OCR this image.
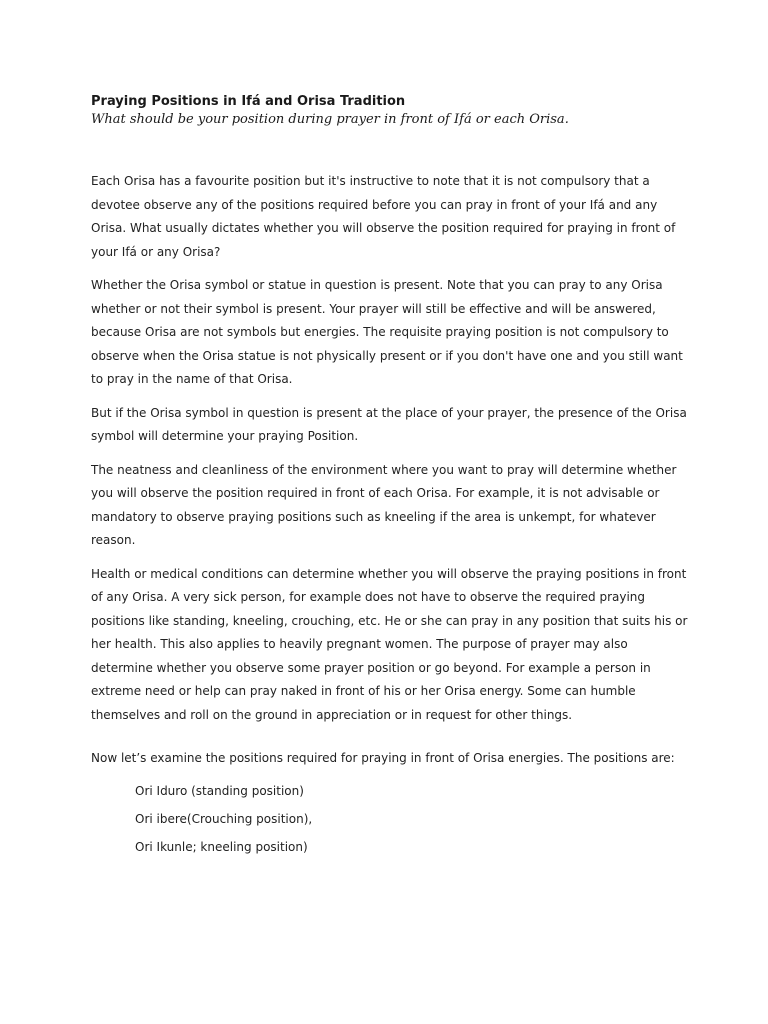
Praying Positions in Ifá and Orisa Tradition

What should be your position during prayer in front of Ifá or each Orisa.

Each Orisa has a favourite position but it's instructive to note that it is not compulsory that a devotee observe any of the positions required before you can pray in front of your Ifá and any Orisa. What usually dictates whether you will observe the position required for praying in front of your Ifá or any Orisa?

Whether the Orisa symbol or statue in question is present. Note that you can pray to any Orisa whether or not their symbol is present. Your prayer will still be effective and will be answered, because Orisa are not symbols but energies. The requisite praying position is not compulsory to observe when the Orisa statue is not physically present or if you don't have one and you still want to pray in the name of that Orisa.

But if the Orisa symbol in question is present at the place of your prayer, the presence of the Orisa symbol will determine your praying Position.

The neatness and cleanliness of the environment where you want to pray will determine whether you will observe the position required in front of each Orisa. For example, it is not advisable or mandatory to observe praying positions such as kneeling if the area is unkempt, for whatever reason.

Health or medical conditions can determine whether you will observe the praying positions in front of any Orisa. A very sick person, for example does not have to observe the required praying positions like standing, kneeling, crouching, etc. He or she can pray in any position that suits his or her health. This also applies to heavily pregnant women. The purpose of prayer may also determine whether you observe some prayer position or go beyond. For example a person in extreme need or help can pray naked in front of his or her Orisa energy. Some can humble themselves and roll on the ground in appreciation or in request for other things.

Now let’s examine the positions required for praying in front of Orisa energies. The positions are:

Ori Iduro (standing position)
Ori ibere(Crouching position),
Ori Ikunle; kneeling position)
